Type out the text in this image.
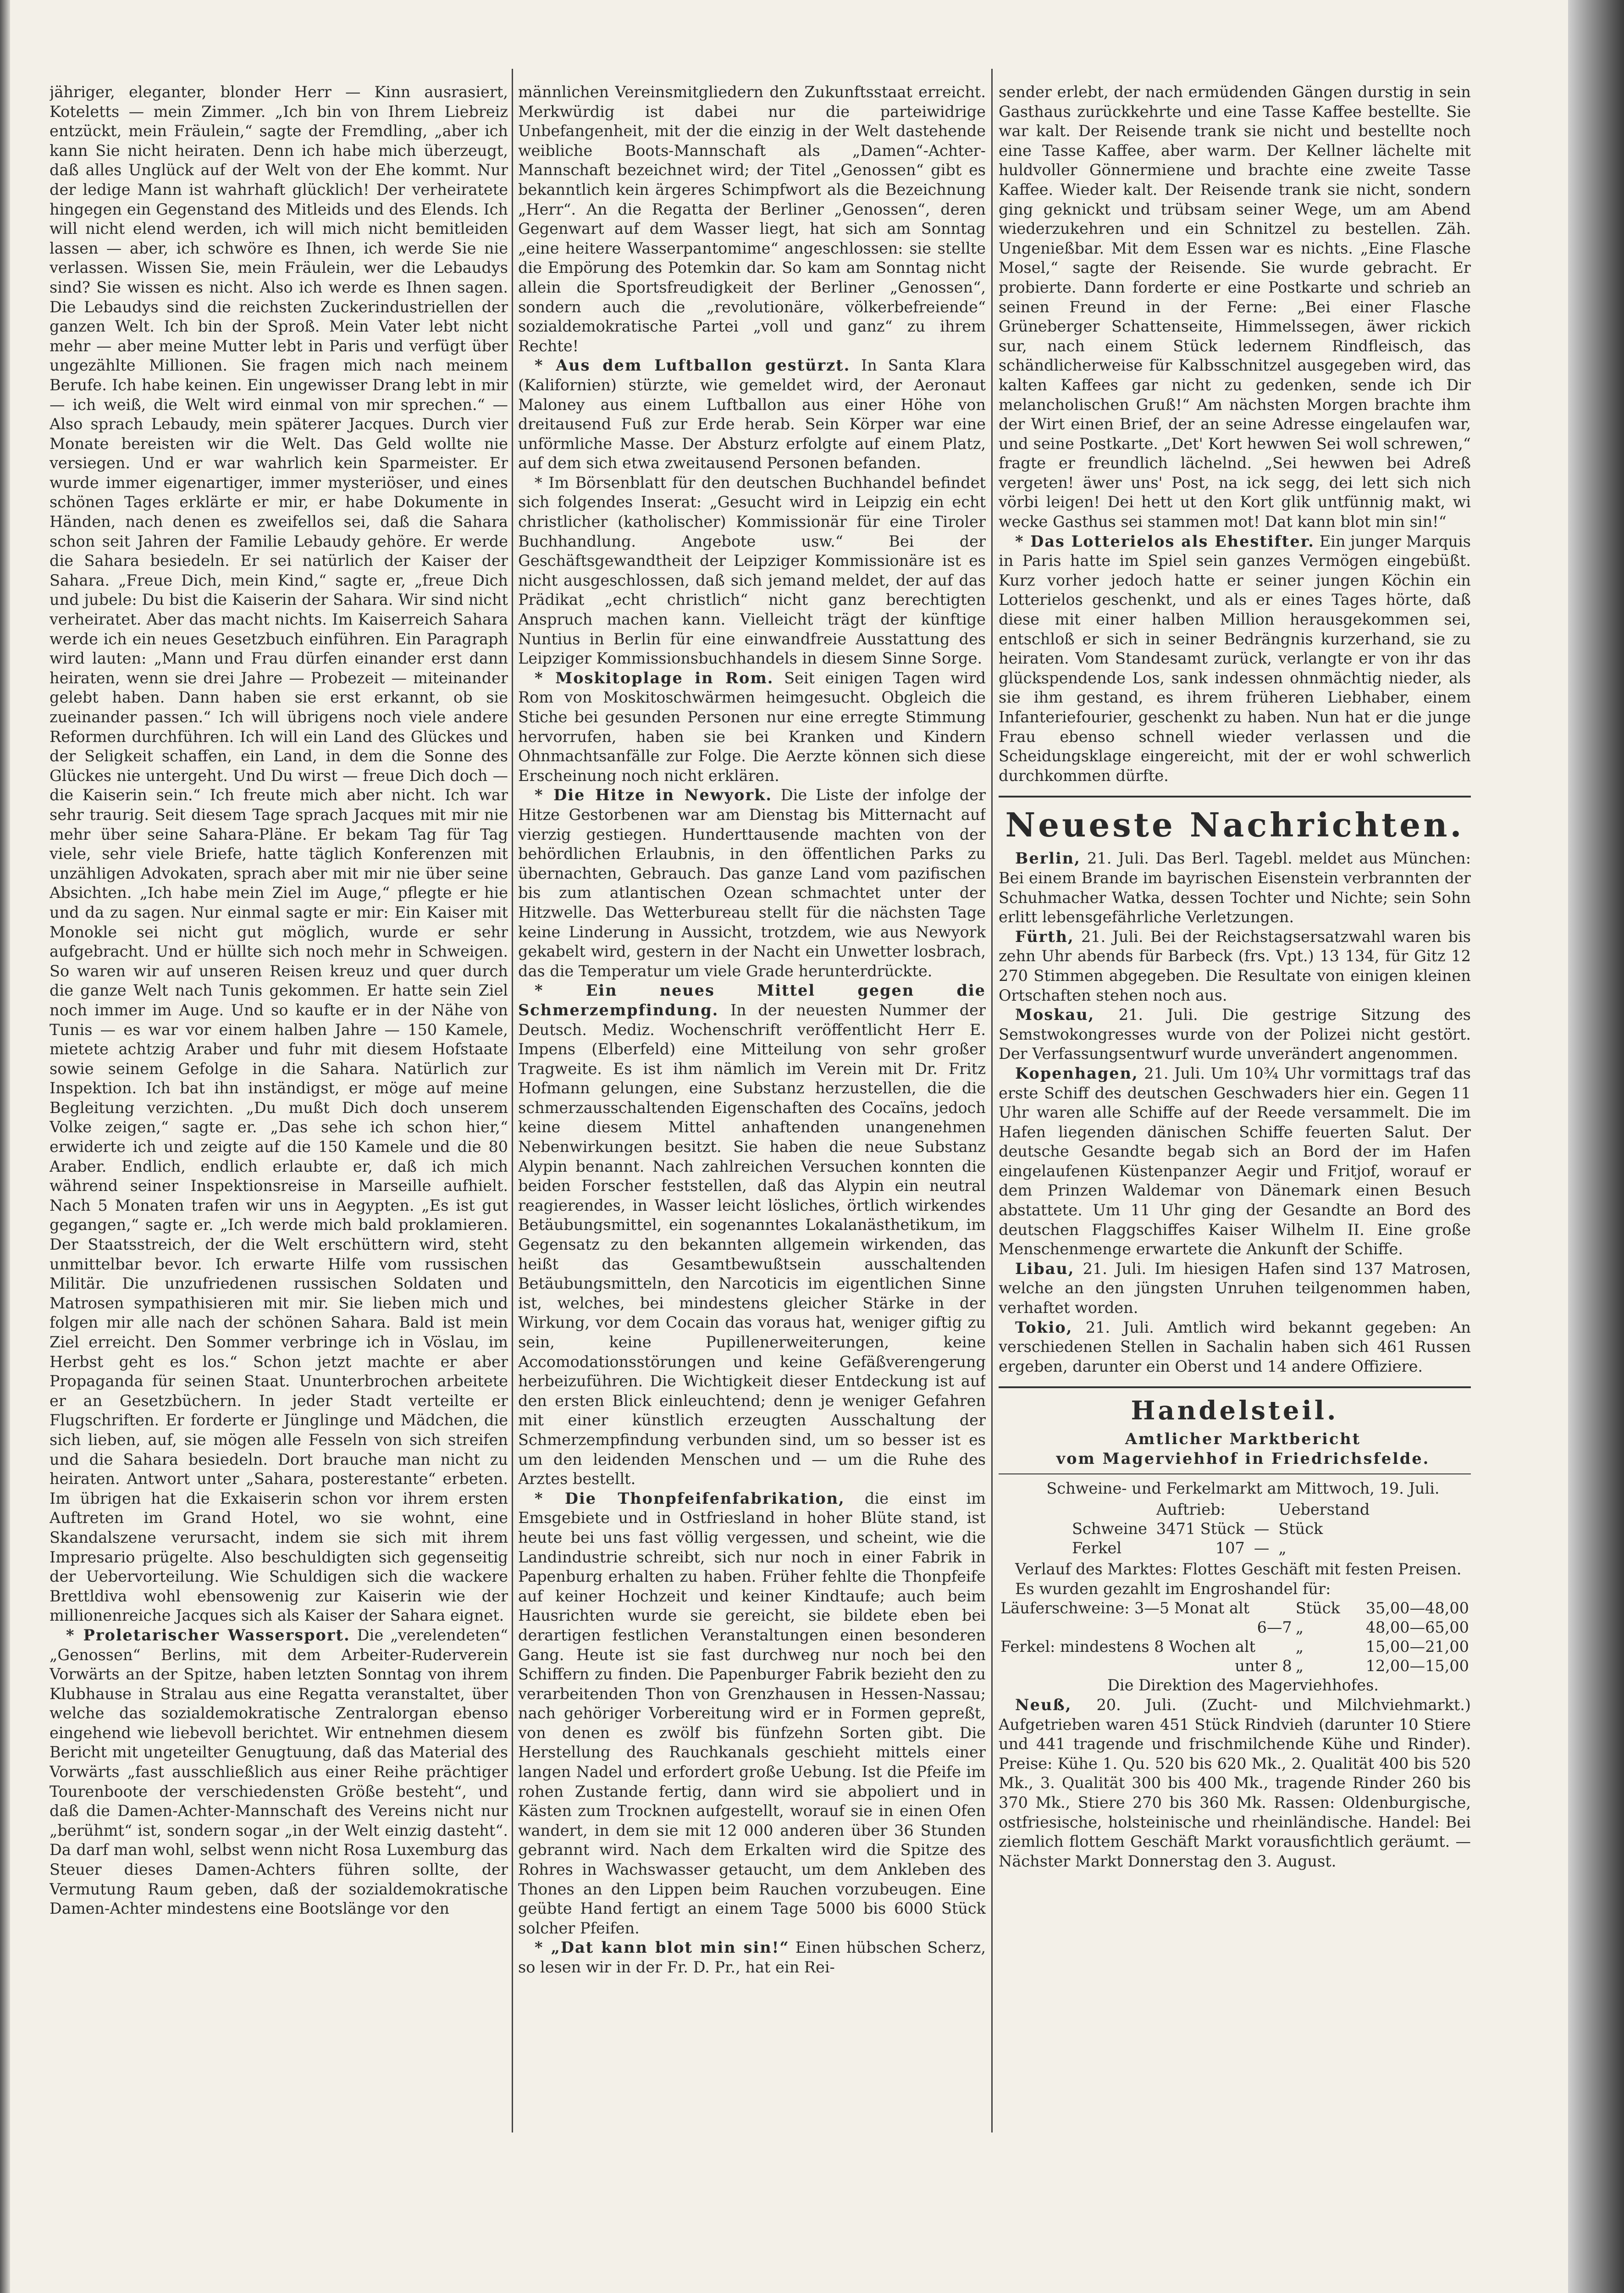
jähriger, eleganter, blonder Herr — Kinn ausrasiert, Koteletts — mein Zimmer. „Ich bin von Ihrem Liebreiz entzückt, mein Fräulein,“ sagte der Fremdling, „aber ich kann Sie nicht heiraten. Denn ich habe mich überzeugt, daß alles Unglück auf der Welt von der Ehe kommt. Nur der ledige Mann ist wahrhaft glücklich! Der verheiratete hingegen ein Gegenstand des Mitleids und des Elends. Ich will nicht elend werden, ich will mich nicht bemitleiden lassen — aber, ich schwöre es Ihnen, ich werde Sie nie verlassen. Wissen Sie, mein Fräulein, wer die Lebaudys sind? Sie wissen es nicht. Also ich werde es Ihnen sagen. Die Lebaudys sind die reichsten Zuckerindustriellen der ganzen Welt. Ich bin der Sproß. Mein Vater lebt nicht mehr — aber meine Mutter lebt in Paris und verfügt über ungezählte Millionen. Sie fragen mich nach meinem Berufe. Ich habe keinen. Ein ungewisser Drang lebt in mir — ich weiß, die Welt wird einmal von mir sprechen.“ — Also sprach Lebaudy, mein späterer Jacques. Durch vier Monate bereisten wir die Welt. Das Geld wollte nie versiegen. Und er war wahrlich kein Sparmeister. Er wurde immer eigenartiger, immer mysteriöser, und eines schönen Tages erklärte er mir, er habe Dokumente in Händen, nach denen es zweifellos sei, daß die Sahara schon seit Jahren der Familie Lebaudy gehöre. Er werde die Sahara besiedeln. Er sei natürlich der Kaiser der Sahara. „Freue Dich, mein Kind,“ sagte er, „freue Dich und jubele: Du bist die Kaiserin der Sahara. Wir sind nicht verheiratet. Aber das macht nichts. Im Kaiserreich Sahara werde ich ein neues Gesetzbuch einführen. Ein Paragraph wird lauten: „Mann und Frau dürfen einander erst dann heiraten, wenn sie drei Jahre — Probezeit — miteinander gelebt haben. Dann haben sie erst erkannt, ob sie zueinander passen.“ Ich will übrigens noch viele andere Reformen durchführen. Ich will ein Land des Glückes und der Seligkeit schaffen, ein Land, in dem die Sonne des Glückes nie untergeht. Und Du wirst — freue Dich doch — die Kaiserin sein.“ Ich freute mich aber nicht. Ich war sehr traurig. Seit diesem Tage sprach Jacques mit mir nie mehr über seine Sahara-Pläne. Er bekam Tag für Tag viele, sehr viele Briefe, hatte täglich Konferenzen mit unzähligen Advokaten, sprach aber mit mir nie über seine Absichten. „Ich habe mein Ziel im Auge,“ pflegte er hie und da zu sagen. Nur einmal sagte er mir: Ein Kaiser mit Monokle sei nicht gut möglich, wurde er sehr aufgebracht. Und er hüllte sich noch mehr in Schweigen. So waren wir auf unseren Reisen kreuz und quer durch die ganze Welt nach Tunis gekommen. Er hatte sein Ziel noch immer im Auge. Und so kaufte er in der Nähe von Tunis — es war vor einem halben Jahre — 150 Kamele, mietete achtzig Araber und fuhr mit diesem Hofstaate sowie seinem Gefolge in die Sahara. Natürlich zur Inspektion. Ich bat ihn inständigst, er möge auf meine Begleitung verzichten. „Du mußt Dich doch unserem Volke zeigen,“ sagte er. „Das sehe ich schon hier,“ erwiderte ich und zeigte auf die 150 Kamele und die 80 Araber. Endlich, endlich erlaubte er, daß ich mich während seiner Inspektionsreise in Marseille aufhielt. Nach 5 Monaten trafen wir uns in Aegypten. „Es ist gut gegangen,“ sagte er. „Ich werde mich bald proklamieren. Der Staatsstreich, der die Welt erschüttern wird, steht unmittelbar bevor. Ich erwarte Hilfe vom russischen Militär. Die unzufriedenen russischen Soldaten und Matrosen sympathisieren mit mir. Sie lieben mich und folgen mir alle nach der schönen Sahara. Bald ist mein Ziel erreicht. Den Sommer verbringe ich in Vöslau, im Herbst geht es los.“ Schon jetzt machte er aber Propaganda für seinen Staat. Ununterbrochen arbeitete er an Gesetzbüchern. In jeder Stadt verteilte er Flugschriften. Er forderte er Jünglinge und Mädchen, die sich lieben, auf, sie mögen alle Fesseln von sich streifen und die Sahara besiedeln. Dort brauche man nicht zu heiraten. Antwort unter „Sahara, posterestante“ erbeten. Im übrigen hat die Exkaiserin schon vor ihrem ersten Auftreten im Grand Hotel, wo sie wohnt, eine Skandalszene verursacht, indem sie sich mit ihrem Impresario prügelte. Also beschuldigten sich gegenseitig der Uebervorteilung. Wie Schuldigen sich die wackere Brettldiva wohl ebensowenig zur Kaiserin wie der millionenreiche Jacques sich als Kaiser der Sahara eignet.

* Proletarischer Wassersport. Die „verelendeten“ „Genossen“ Berlins, mit dem Arbeiter-Ruderverein Vorwärts an der Spitze, haben letzten Sonntag von ihrem Klubhause in Stralau aus eine Regatta veranstaltet, über welche das sozialdemokratische Zentralorgan ebenso eingehend wie liebevoll berichtet. Wir entnehmen diesem Bericht mit ungeteilter Genugtuung, daß das Material des Vorwärts „fast ausschließlich aus einer Reihe prächtiger Tourenboote der verschiedensten Größe besteht“, und daß die Damen-Achter-Mannschaft des Vereins nicht nur „berühmt“ ist, sondern sogar „in der Welt einzig dasteht“. Da darf man wohl, selbst wenn nicht Rosa Luxemburg das Steuer dieses Damen-Achters führen sollte, der Vermutung Raum geben, daß der sozialdemokratische Damen-Achter mindestens eine Bootslänge vor den

männlichen Vereinsmitgliedern den Zukunftsstaat erreicht. Merkwürdig ist dabei nur die parteiwidrige Unbefangenheit, mit der die einzig in der Welt dastehende weibliche Boots-Mannschaft als „Damen“-Achter-Mannschaft bezeichnet wird; der Titel „Genossen“ gibt es bekanntlich kein ärgeres Schimpfwort als die Bezeichnung „Herr“. An die Regatta der Berliner „Genossen“, deren Gegenwart auf dem Wasser liegt, hat sich am Sonntag „eine heitere Wasserpantomime“ angeschlossen: sie stellte die Empörung des Potemkin dar. So kam am Sonntag nicht allein die Sportsfreudigkeit der Berliner „Genossen“, sondern auch die „revolutionäre, völkerbefreiende“ sozialdemokratische Partei „voll und ganz“ zu ihrem Rechte!

* Aus dem Luftballon gestürzt. In Santa Klara (Kalifornien) stürzte, wie gemeldet wird, der Aeronaut Maloney aus einem Luftballon aus einer Höhe von dreitausend Fuß zur Erde herab. Sein Körper war eine unförmliche Masse. Der Absturz erfolgte auf einem Platz, auf dem sich etwa zweitausend Personen befanden.

* Im Börsenblatt für den deutschen Buchhandel befindet sich folgendes Inserat: „Gesucht wird in Leipzig ein echt christlicher (katholischer) Kommissionär für eine Tiroler Buchhandlung. Angebote usw.“ Bei der Geschäftsgewandtheit der Leipziger Kommissionäre ist es nicht ausgeschlossen, daß sich jemand meldet, der auf das Prädikat „echt christlich“ nicht ganz berechtigten Anspruch machen kann. Vielleicht trägt der künftige Nuntius in Berlin für eine einwandfreie Ausstattung des Leipziger Kommissionsbuchhandels in diesem Sinne Sorge.

* Moskitoplage in Rom. Seit einigen Tagen wird Rom von Moskitoschwärmen heimgesucht. Obgleich die Stiche bei gesunden Personen nur eine erregte Stimmung hervorrufen, haben sie bei Kranken und Kindern Ohnmachtsanfälle zur Folge. Die Aerzte können sich diese Erscheinung noch nicht erklären.

* Die Hitze in Newyork. Die Liste der infolge der Hitze Gestorbenen war am Dienstag bis Mitternacht auf vierzig gestiegen. Hunderttausende machten von der behördlichen Erlaubnis, in den öffentlichen Parks zu übernachten, Gebrauch. Das ganze Land vom pazifischen bis zum atlantischen Ozean schmachtet unter der Hitzwelle. Das Wetterbureau stellt für die nächsten Tage keine Linderung in Aussicht, trotzdem, wie aus Newyork gekabelt wird, gestern in der Nacht ein Unwetter losbrach, das die Temperatur um viele Grade herunterdrückte.

* Ein neues Mittel gegen die Schmerzempfindung. In der neuesten Nummer der Deutsch. Mediz. Wochenschrift veröffentlicht Herr E. Impens (Elberfeld) eine Mitteilung von sehr großer Tragweite. Es ist ihm nämlich im Verein mit Dr. Fritz Hofmann gelungen, eine Substanz herzustellen, die die schmerzausschaltenden Eigenschaften des Cocaïns, jedoch keine diesem Mittel anhaftenden unangenehmen Nebenwirkungen besitzt. Sie haben die neue Substanz Alypin benannt. Nach zahlreichen Versuchen konnten die beiden Forscher feststellen, daß das Alypin ein neutral reagierendes, in Wasser leicht lösliches, örtlich wirkendes Betäubungsmittel, ein sogenanntes Lokalanästhetikum, im Gegensatz zu den bekannten allgemein wirkenden, das heißt das Gesamtbewußtsein ausschaltenden Betäubungsmitteln, den Narcoticis im eigentlichen Sinne ist, welches, bei mindestens gleicher Stärke in der Wirkung, vor dem Cocain das voraus hat, weniger giftig zu sein, keine Pupillenerweiterungen, keine Accomodationsstörungen und keine Gefäßverengerung herbeizuführen. Die Wichtigkeit dieser Entdeckung ist auf den ersten Blick einleuchtend; denn je weniger Gefahren mit einer künstlich erzeugten Ausschaltung der Schmerzempfindung verbunden sind, um so besser ist es um den leidenden Menschen und — um die Ruhe des Arztes bestellt.

* Die Thonpfeifenfabrikation, die einst im Emsgebiete und in Ostfriesland in hoher Blüte stand, ist heute bei uns fast völlig vergessen, und scheint, wie die Landindustrie schreibt, sich nur noch in einer Fabrik in Papenburg erhalten zu haben. Früher fehlte die Thonpfeife auf keiner Hochzeit und keiner Kindtaufe; auch beim Hausrichten wurde sie gereicht, sie bildete eben bei derartigen festlichen Veranstaltungen einen besonderen Gang. Heute ist sie fast durchweg nur noch bei den Schiffern zu finden. Die Papenburger Fabrik bezieht den zu verarbeitenden Thon von Grenzhausen in Hessen-Nassau; nach gehöriger Vorbereitung wird er in Formen gepreßt, von denen es zwölf bis fünfzehn Sorten gibt. Die Herstellung des Rauchkanals geschieht mittels einer langen Nadel und erfordert große Uebung. Ist die Pfeife im rohen Zustande fertig, dann wird sie abpoliert und in Kästen zum Trocknen aufgestellt, worauf sie in einen Ofen wandert, in dem sie mit 12 000 anderen über 36 Stunden gebrannt wird. Nach dem Erkalten wird die Spitze des Rohres in Wachswasser getaucht, um dem Ankleben des Thones an den Lippen beim Rauchen vorzubeugen. Eine geübte Hand fertigt an einem Tage 5000 bis 6000 Stück solcher Pfeifen.

* „Dat kann blot min sin!“ Einen hübschen Scherz, so lesen wir in der Fr. D. Pr., hat ein Rei-

sender erlebt, der nach ermüdenden Gängen durstig in sein Gasthaus zurückkehrte und eine Tasse Kaffee bestellte. Sie war kalt. Der Reisende trank sie nicht und bestellte noch eine Tasse Kaffee, aber warm. Der Kellner lächelte mit huldvoller Gönnermiene und brachte eine zweite Tasse Kaffee. Wieder kalt. Der Reisende trank sie nicht, sondern ging geknickt und trübsam seiner Wege, um am Abend wiederzukehren und ein Schnitzel zu bestellen. Zäh. Ungenießbar. Mit dem Essen war es nichts. „Eine Flasche Mosel,“ sagte der Reisende. Sie wurde gebracht. Er probierte. Dann forderte er eine Postkarte und schrieb an seinen Freund in der Ferne: „Bei einer Flasche Grüneberger Schattenseite, Himmelssegen, äwer rickich sur, nach einem Stück ledernem Rindfleisch, das schändlicherweise für Kalbsschnitzel ausgegeben wird, das kalten Kaffees gar nicht zu gedenken, sende ich Dir melancholischen Gruß!“ Am nächsten Morgen brachte ihm der Wirt einen Brief, der an seine Adresse eingelaufen war, und seine Postkarte. „Det' Kort hewwen Sei woll schrewen,“ fragte er freundlich lächelnd. „Sei hewwen bei Adreß vergeten! äwer uns' Post, na ick segg, dei lett sich nich vörbi leigen! Dei hett ut den Kort glik untfünnig makt, wi wecke Gasthus sei stammen mot! Dat kann blot min sin!“

* Das Lotterielos als Ehestifter. Ein junger Marquis in Paris hatte im Spiel sein ganzes Vermögen eingebüßt. Kurz vorher jedoch hatte er seiner jungen Köchin ein Lotterielos geschenkt, und als er eines Tages hörte, daß diese mit einer halben Million herausgekommen sei, entschloß er sich in seiner Bedrängnis kurzerhand, sie zu heiraten. Vom Standesamt zurück, verlangte er von ihr das glückspendende Los, sank indessen ohnmächtig nieder, als sie ihm gestand, es ihrem früheren Liebhaber, einem Infanteriefourier, geschenkt zu haben. Nun hat er die junge Frau ebenso schnell wieder verlassen und die Scheidungsklage eingereicht, mit der er wohl schwerlich durchkommen dürfte.

Neueste Nachrichten.

Berlin, 21. Juli. Das Berl. Tagebl. meldet aus München: Bei einem Brande im bayrischen Eisenstein verbrannten der Schuhmacher Watka, dessen Tochter und Nichte; sein Sohn erlitt lebensgefährliche Verletzungen.

Fürth, 21. Juli. Bei der Reichstagsersatzwahl waren bis zehn Uhr abends für Barbeck (frs. Vpt.) 13 134, für Gitz 12 270 Stimmen abgegeben. Die Resultate von einigen kleinen Ortschaften stehen noch aus.

Moskau, 21. Juli. Die gestrige Sitzung des Semstwokongresses wurde von der Polizei nicht gestört. Der Verfassungsentwurf wurde unverändert angenommen.

Kopenhagen, 21. Juli. Um 10¾ Uhr vormittags traf das erste Schiff des deutschen Geschwaders hier ein. Gegen 11 Uhr waren alle Schiffe auf der Reede versammelt. Die im Hafen liegenden dänischen Schiffe feuerten Salut. Der deutsche Gesandte begab sich an Bord der im Hafen eingelaufenen Küstenpanzer Aegir und Fritjof, worauf er dem Prinzen Waldemar von Dänemark einen Besuch abstattete. Um 11 Uhr ging der Gesandte an Bord des deutschen Flaggschiffes Kaiser Wilhelm II. Eine große Menschenmenge erwartete die Ankunft der Schiffe.

Libau, 21. Juli. Im hiesigen Hafen sind 137 Matrosen, welche an den jüngsten Unruhen teilgenommen haben, verhaftet worden.

Tokio, 21. Juli. Amtlich wird bekannt gegeben: An verschiedenen Stellen in Sachalin haben sich 461 Russen ergeben, darunter ein Oberst und 14 andere Offiziere.

Handelsteil.

Amtlicher Marktbericht

vom Magerviehhof in Friedrichsfelde.

Schweine- und Ferkelmarkt am Mittwoch, 19. Juli.

	Auftrieb:		Ueberstand
Schweine	3471 Stück	—	Stück
Ferkel	107	—	„

Verlauf des Marktes: Flottes Geschäft mit festen Preisen.

Es wurden gezahlt im Engroshandel für:

Läuferschweine: 3—5 Monat alt	Stück	35,00—48,00
6—7	„	48,00—65,00
Ferkel: mindestens 8 Wochen alt	„	15,00—21,00
unter 8	„	12,00—15,00

Die Direktion des Magerviehhofes.

Neuß, 20. Juli. (Zucht- und Milchviehmarkt.) Aufgetrieben waren 451 Stück Rindvieh (darunter 10 Stiere und 441 tragende und frischmilchende Kühe und Rinder). Preise: Kühe 1. Qu. 520 bis 620 Mk., 2. Qualität 400 bis 520 Mk., 3. Qualität 300 bis 400 Mk., tragende Rinder 260 bis 370 Mk., Stiere 270 bis 360 Mk. Rassen: Oldenburgische, ostfriesische, holsteinische und rheinländische. Handel: Bei ziemlich flottem Geschäft Markt vorausfichtlich geräumt. — Nächster Markt Donnerstag den 3. August.
